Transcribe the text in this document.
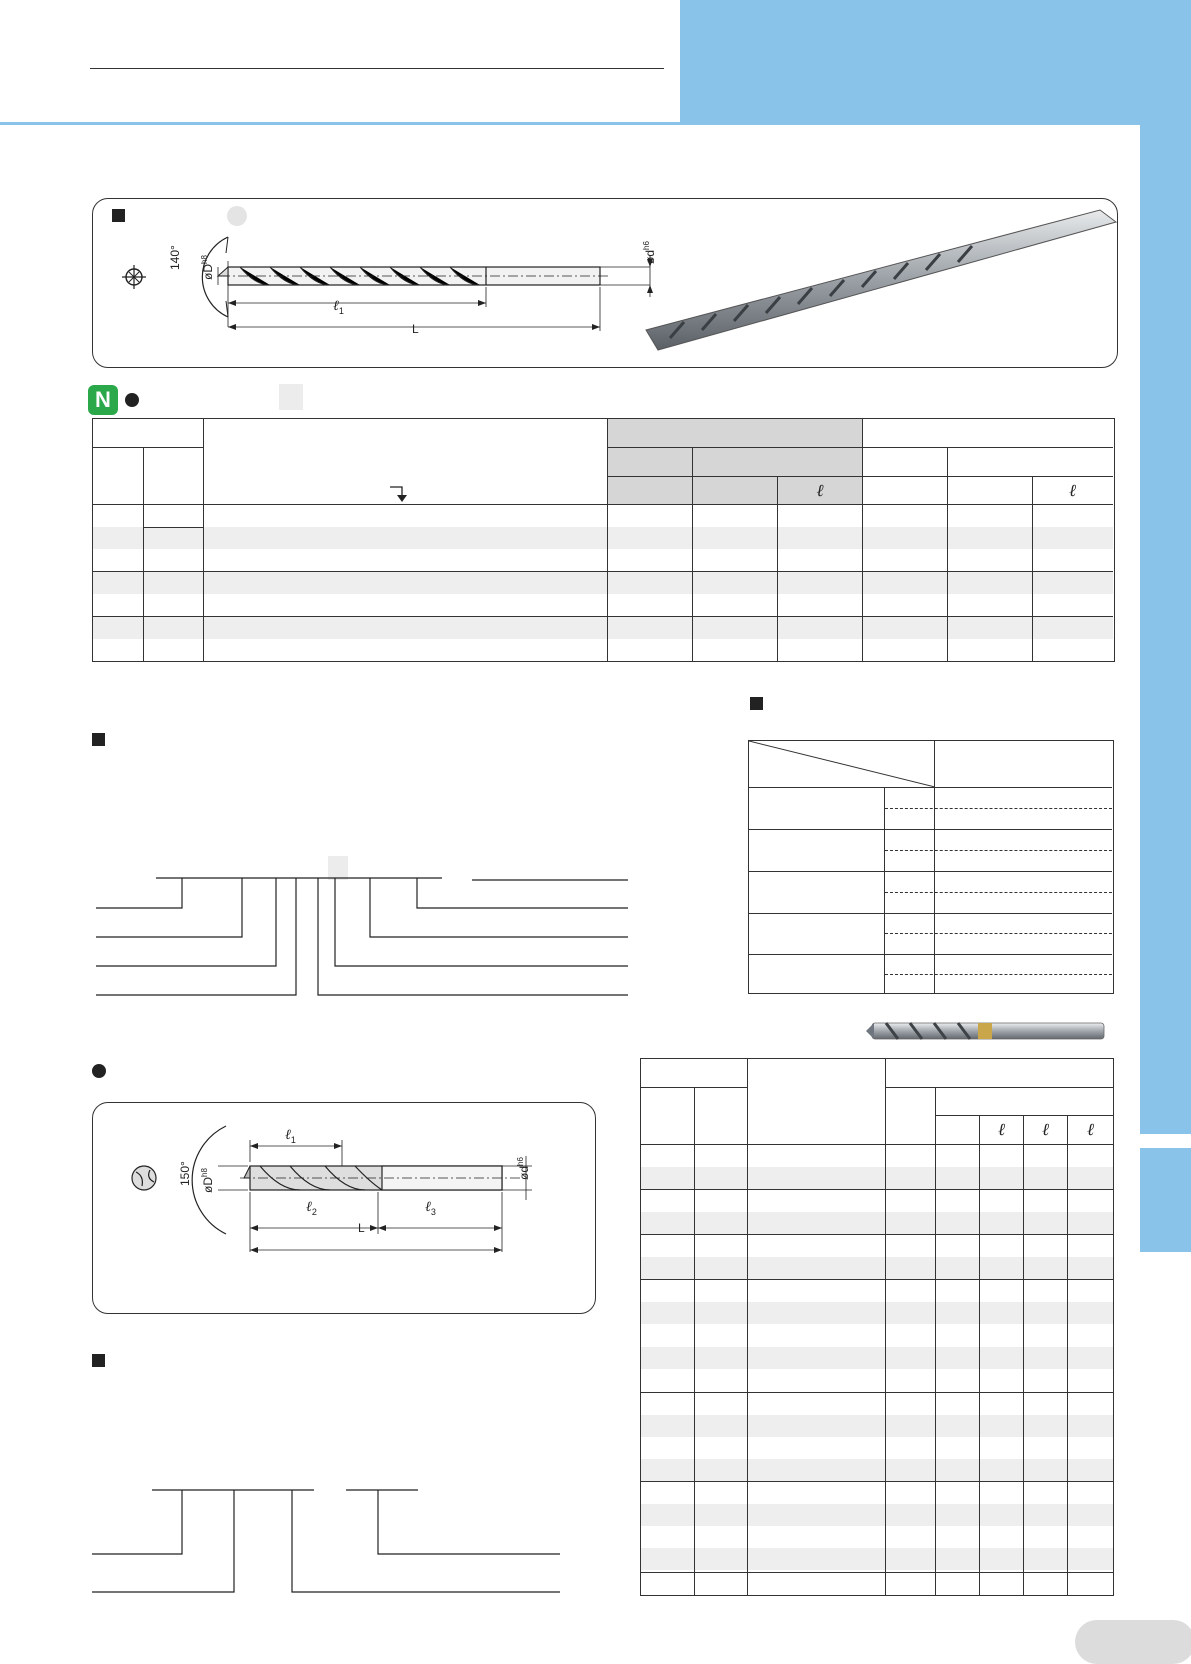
140°
$øD^{h8}$	$ød^{h6}$
ℓ$_1$
L
N
ℓ	ℓ
150° $øD^{h8}$	$ød^{h6}$
ℓ$_1$
ℓ$_2$	ℓ$_3$
L
ℓ	ℓ	ℓ
